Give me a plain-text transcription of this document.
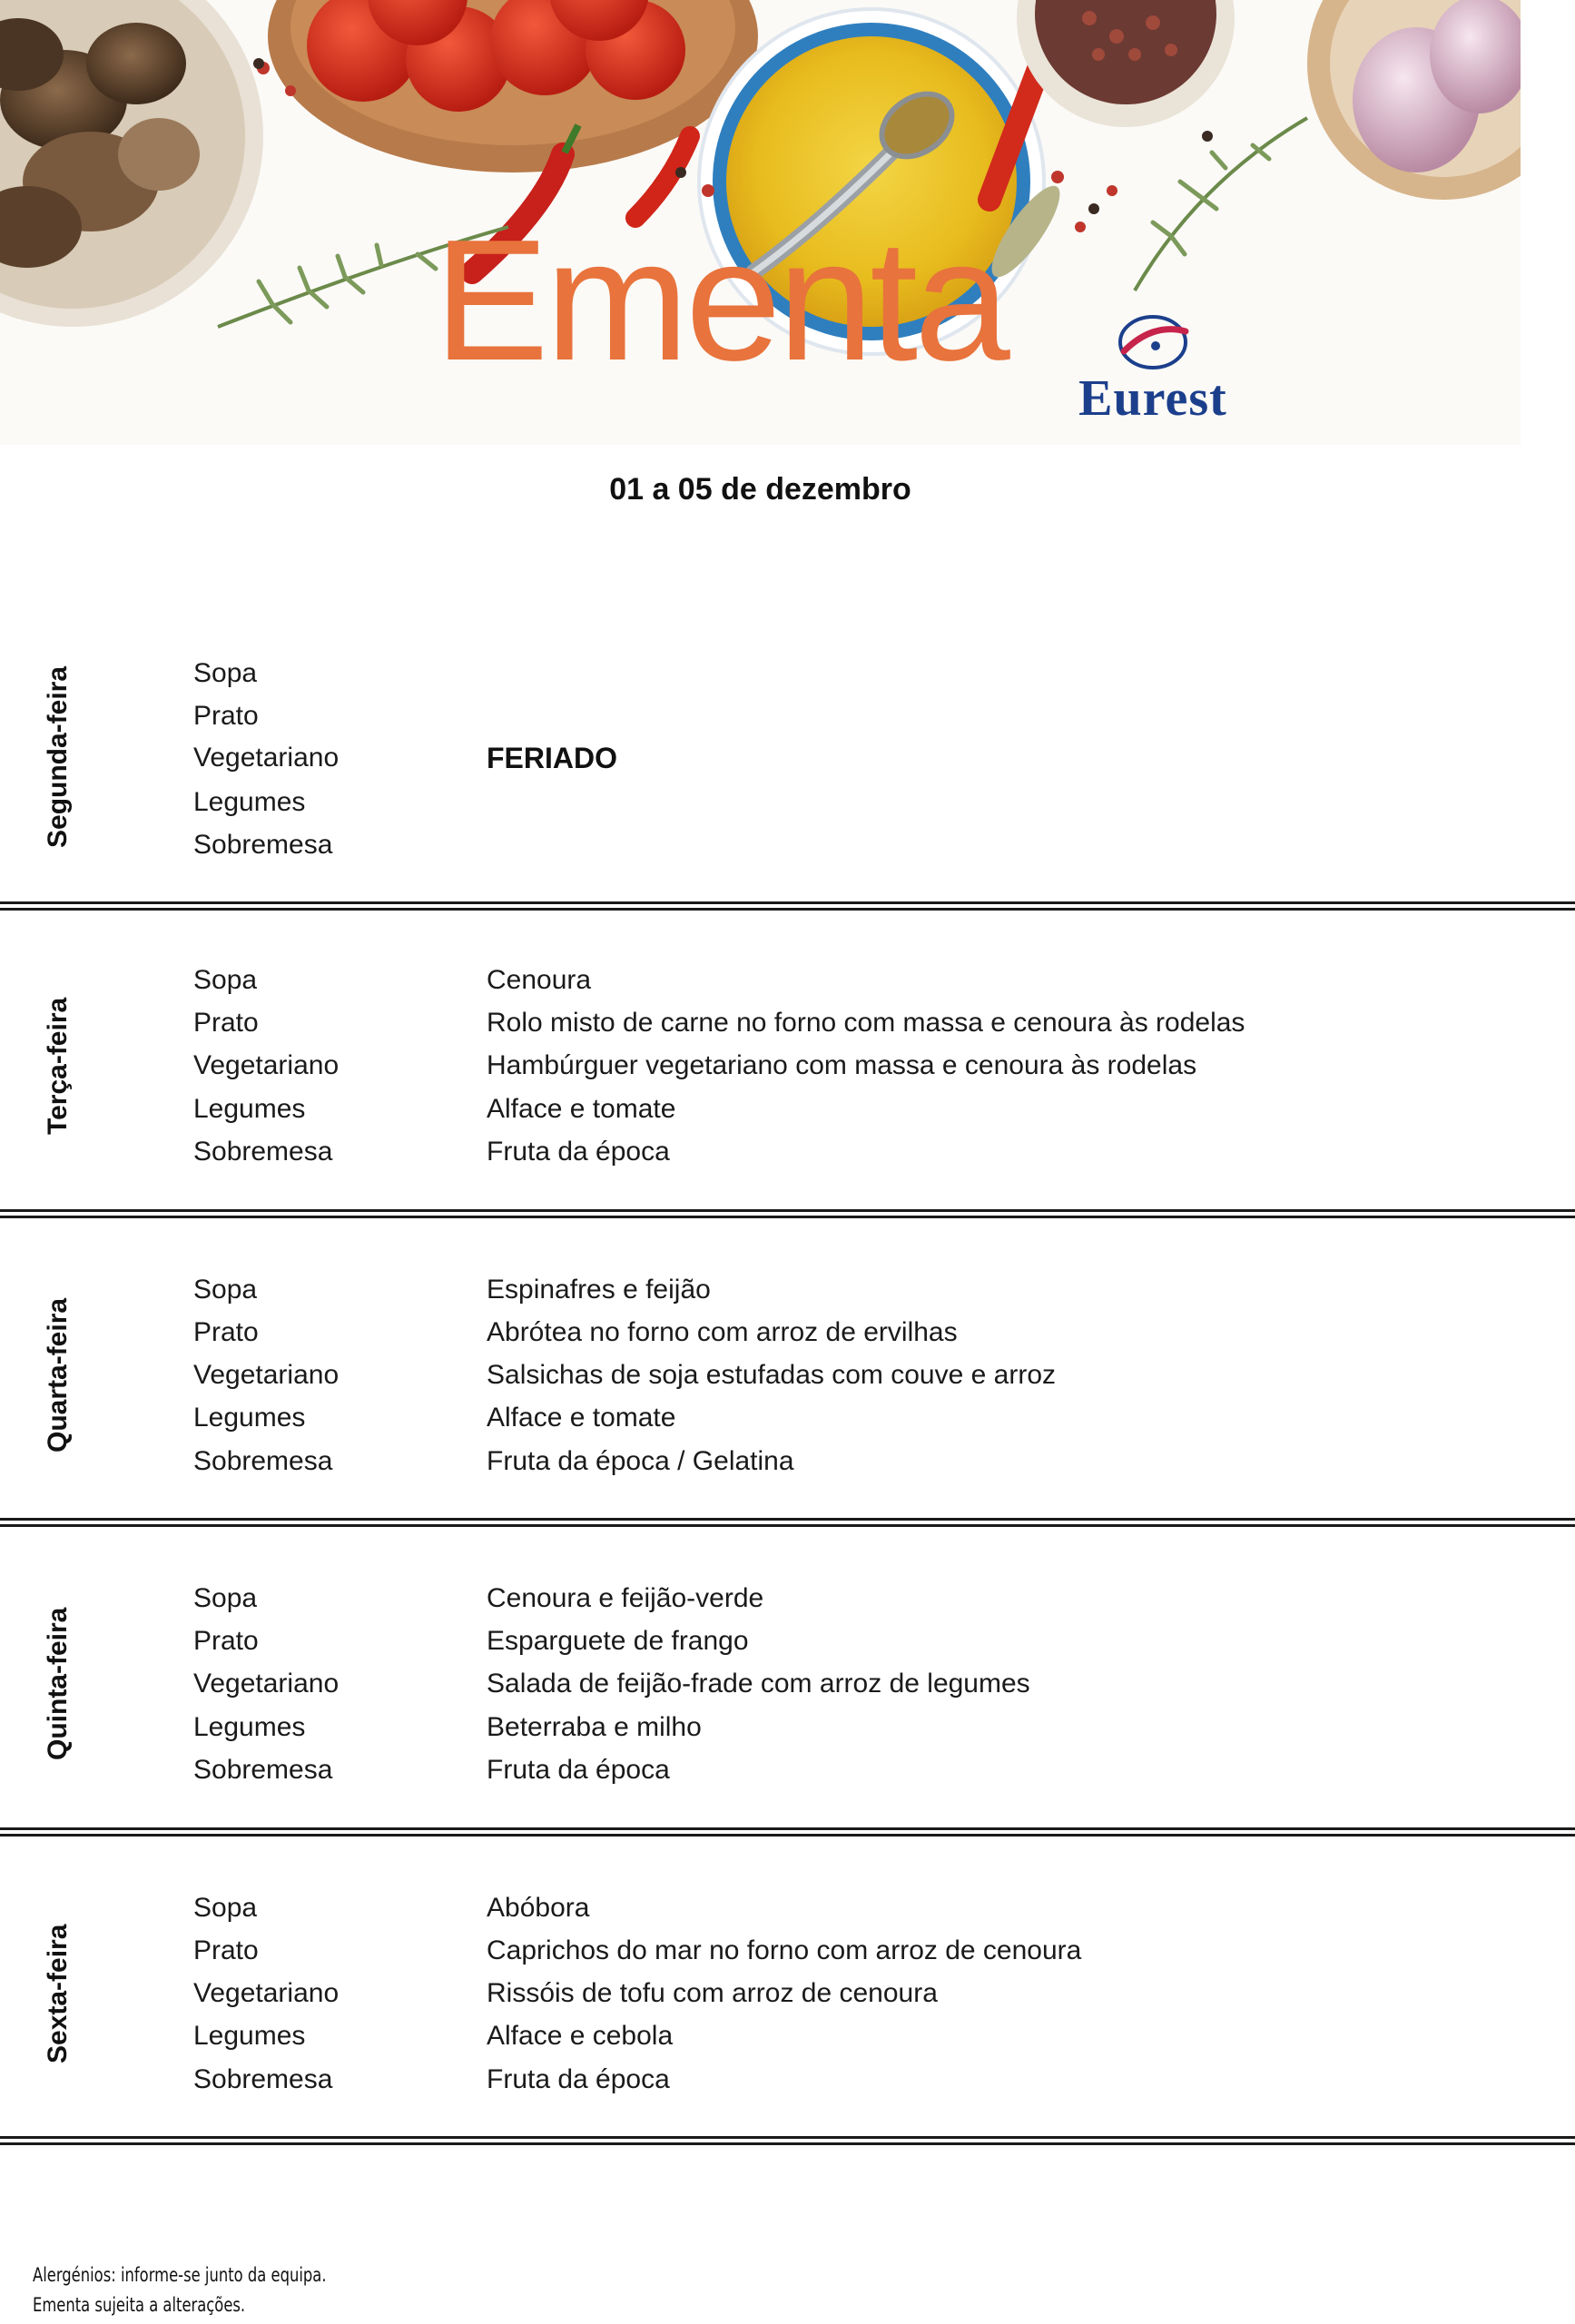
Ementa
Eurest
01 a 05 de dezembro
Segunda-feira	Sopa
Prato
Vegetariano	FERIADO
Legumes
Sobremesa
Terça-feira
Sopa	Cenoura
Prato	Rolo misto de carne no forno com massa e cenoura às rodelas
Vegetariano	Hambúrguer vegetariano com massa e cenoura às rodelas
Legumes	Alface e tomate
Sobremesa	Fruta da época
Quarta-feira
Sopa	Espinafres e feijão
Prato	Abrótea no forno com arroz de ervilhas
Vegetariano	Salsichas de soja estufadas com couve e arroz
Legumes	Alface e tomate
Sobremesa	Fruta da época / Gelatina
Quinta-feira
Sopa	Cenoura e feijão-verde
Prato	Esparguete de frango
Vegetariano	Salada de feijão-frade com arroz de legumes
Legumes	Beterraba e milho
Sobremesa	Fruta da época
Sexta-feira
Sopa	Abóbora
Prato	Caprichos do mar no forno com arroz de cenoura
Vegetariano	Rissóis de tofu com arroz de cenoura
Legumes	Alface e cebola
Sobremesa	Fruta da época
Alergénios: informe-se junto da equipa.
Ementa sujeita a alterações.
